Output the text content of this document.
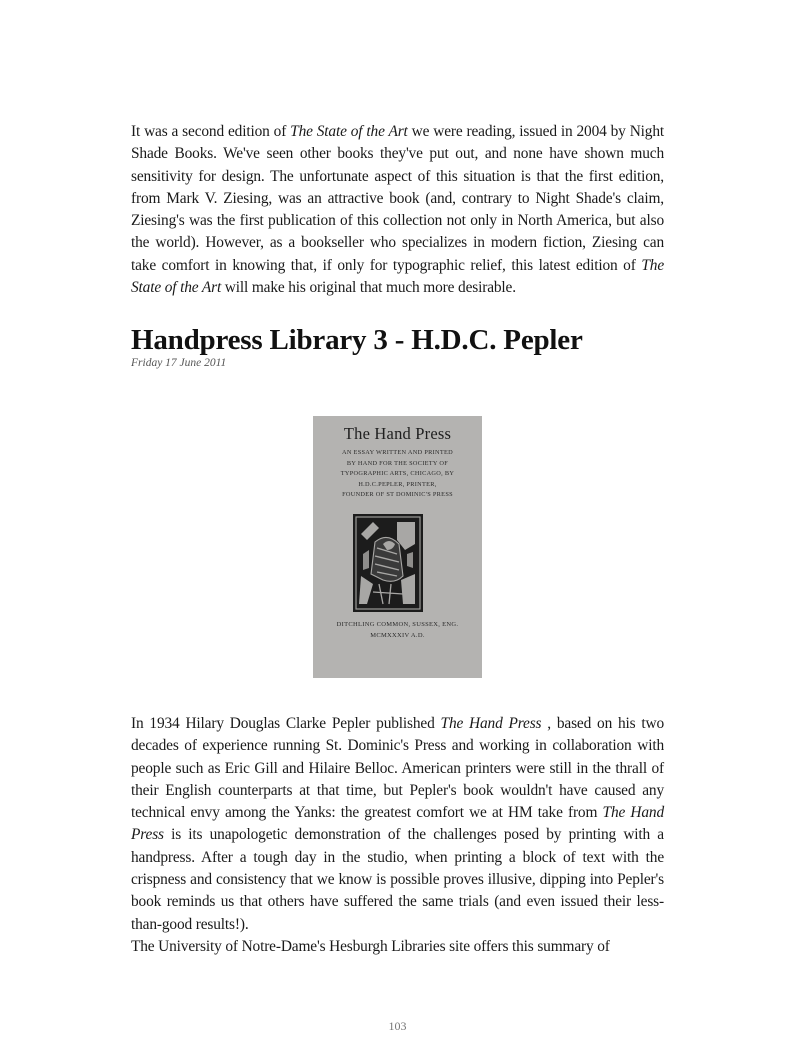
It was a second edition of The State of the Art we were reading, issued in 2004 by Night Shade Books. We've seen other books they've put out, and none have shown much sensitivity for design. The unfortunate aspect of this situation is that the first edition, from Mark V. Ziesing, was an attractive book (and, contrary to Night Shade's claim, Ziesing's was the first publication of this collection not only in North America, but also the world). However, as a bookseller who specializes in modern fiction, Ziesing can take comfort in knowing that, if only for typographic relief, this latest edition of The State of the Art will make his original that much more desirable.

Handpress Library 3 - H.D.C. Pepler

Friday 17 June 2011

The Hand Press
AN ESSAY WRITTEN AND PRINTED
BY HAND FOR THE SOCIETY OF
TYPOGRAPHIC ARTS, CHICAGO, BY
H.D.C.PEPLER, PRINTER,
FOUNDER OF ST DOMINIC'S PRESS
DITCHLING COMMON, SUSSEX, ENG.
MCMXXXIV A.D.

In 1934 Hilary Douglas Clarke Pepler published The Hand Press , based on his two decades of experience running St. Dominic's Press and working in collaboration with people such as Eric Gill and Hilaire Belloc. American printers were still in the thrall of their English counterparts at that time, but Pepler's book wouldn't have caused any technical envy among the Yanks: the greatest comfort we at HM take from The Hand Press is its unapologetic demonstration of the challenges posed by printing with a handpress. After a tough day in the studio, when printing a block of text with the crispness and consistency that we know is possible proves illusive, dipping into Pepler's book reminds us that others have suffered the same trials (and even issued their less-than-good results!).

The University of Notre-Dame's Hesburgh Libraries site offers this summary of

103
